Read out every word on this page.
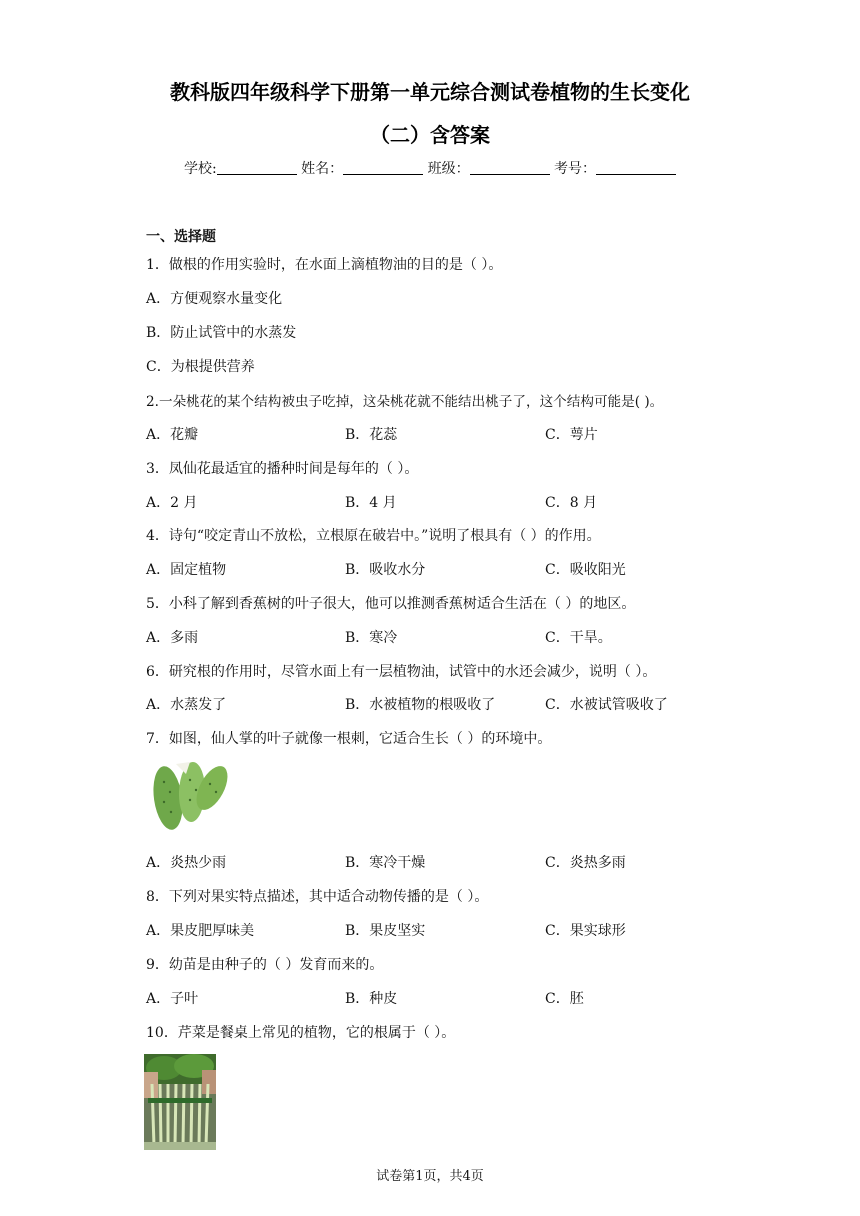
教科版四年级科学下册第一单元综合测试卷植物的生长变化
（二）含答案
学校:	姓名：	班级：	考号：
一、选择题
1．做根的作用实验时，在水面上滴植物油的目的是（ ）。
A．方便观察水量变化
B．防止试管中的水蒸发
C．为根提供营养
2.一朵桃花的某个结构被虫子吃掉，这朵桃花就不能结出桃子了，这个结构可能是( )。
A．花瓣	B．花蕊	C．萼片
3．凤仙花最适宜的播种时间是每年的（ ）。
A．2 月	B．4 月	C．8 月
4．诗句“咬定青山不放松，立根原在破岩中。”说明了根具有（ ）的作用。
A．固定植物	B．吸收水分	C．吸收阳光
5．小科了解到香蕉树的叶子很大，他可以推测香蕉树适合生活在（ ）的地区。
A．多雨	B．寒冷	C．干旱。
6．研究根的作用时，尽管水面上有一层植物油，试管中的水还会减少，说明（ ）。
A．水蒸发了	B．水被植物的根吸收了	C．水被试管吸收了
7．如图，仙人掌的叶子就像一根刺，它适合生长（ ）的环境中。
A．炎热少雨	B．寒冷干燥	C．炎热多雨
8．下列对果实特点描述，其中适合动物传播的是（ ）。
A．果皮肥厚味美	B．果皮坚实	C．果实球形
9．幼苗是由种子的（ ）发育而来的。
A．子叶	B．种皮	C．胚
10．芹菜是餐桌上常见的植物，它的根属于（ ）。
试卷第1页，共4页
